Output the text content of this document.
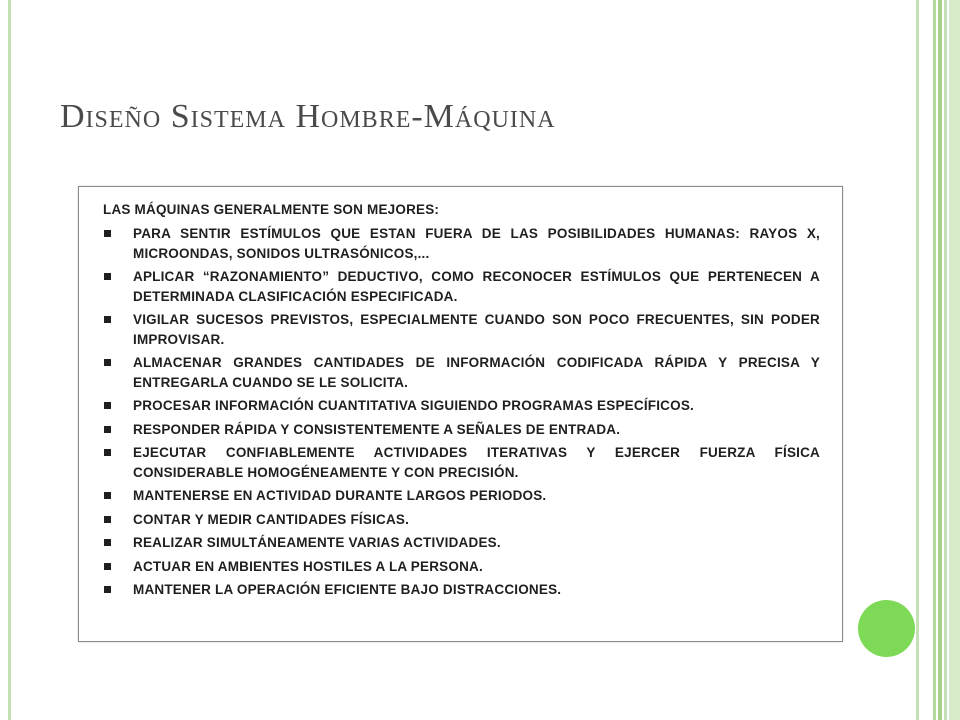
Diseño Sistema Hombre-Máquina
LAS MÁQUINAS GENERALMENTE SON MEJORES:
PARA SENTIR ESTÍMULOS QUE ESTAN FUERA DE LAS POSIBILIDADES HUMANAS: RAYOS X, MICROONDAS, SONIDOS ULTRASÓNICOS,...
APLICAR “RAZONAMIENTO” DEDUCTIVO, COMO RECONOCER ESTÍMULOS QUE PERTENECEN A DETERMINADA CLASIFICACIÓN ESPECIFICADA.
VIGILAR SUCESOS PREVISTOS, ESPECIALMENTE CUANDO SON POCO FRECUENTES, SIN PODER IMPROVISAR.
ALMACENAR GRANDES CANTIDADES DE INFORMACIÓN CODIFICADA RÁPIDA Y PRECISA Y ENTREGARLA CUANDO SE LE SOLICITA.
PROCESAR INFORMACIÓN CUANTITATIVA SIGUIENDO PROGRAMAS ESPECÍFICOS.
RESPONDER RÁPIDA Y CONSISTENTEMENTE A SEÑALES DE ENTRADA.
EJECUTAR CONFIABLEMENTE ACTIVIDADES ITERATIVAS Y EJERCER FUERZA FÍSICA CONSIDERABLE HOMOGÉNEAMENTE Y CON PRECISIÓN.
MANTENERSE EN ACTIVIDAD DURANTE LARGOS PERIODOS.
CONTAR Y MEDIR CANTIDADES FÍSICAS.
REALIZAR SIMULTÁNEAMENTE VARIAS ACTIVIDADES.
ACTUAR EN AMBIENTES HOSTILES A LA PERSONA.
MANTENER LA OPERACIÓN EFICIENTE BAJO DISTRACCIONES.
